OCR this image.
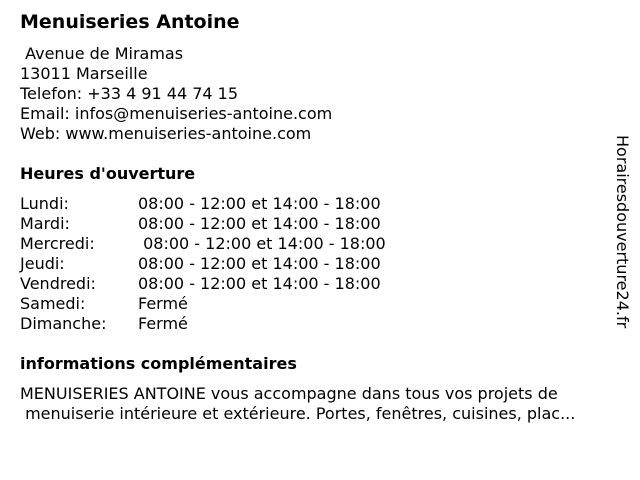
Menuiseries Antoine
Avenue de Miramas
13011 Marseille
Telefon: +33 4 91 44 74 15
Email: infos@menuiseries-antoine.com
Web: www.menuiseries-antoine.com
Heures d'ouverture
Lundi:	08:00 - 12:00 et 14:00 - 18:00
Mardi:	08:00 - 12:00 et 14:00 - 18:00
Mercredi:	08:00 - 12:00 et 14:00 - 18:00
Jeudi:	08:00 - 12:00 et 14:00 - 18:00
Vendredi:	08:00 - 12:00 et 14:00 - 18:00
Samedi:	Fermé
Dimanche: Fermé
informations complémentaires
MENUISERIES ANTOINE vous accompagne dans tous vos projets de
menuiserie intérieure et extérieure. Portes, fenêtres, cuisines, plac...
Horairesdouverture24.fr
